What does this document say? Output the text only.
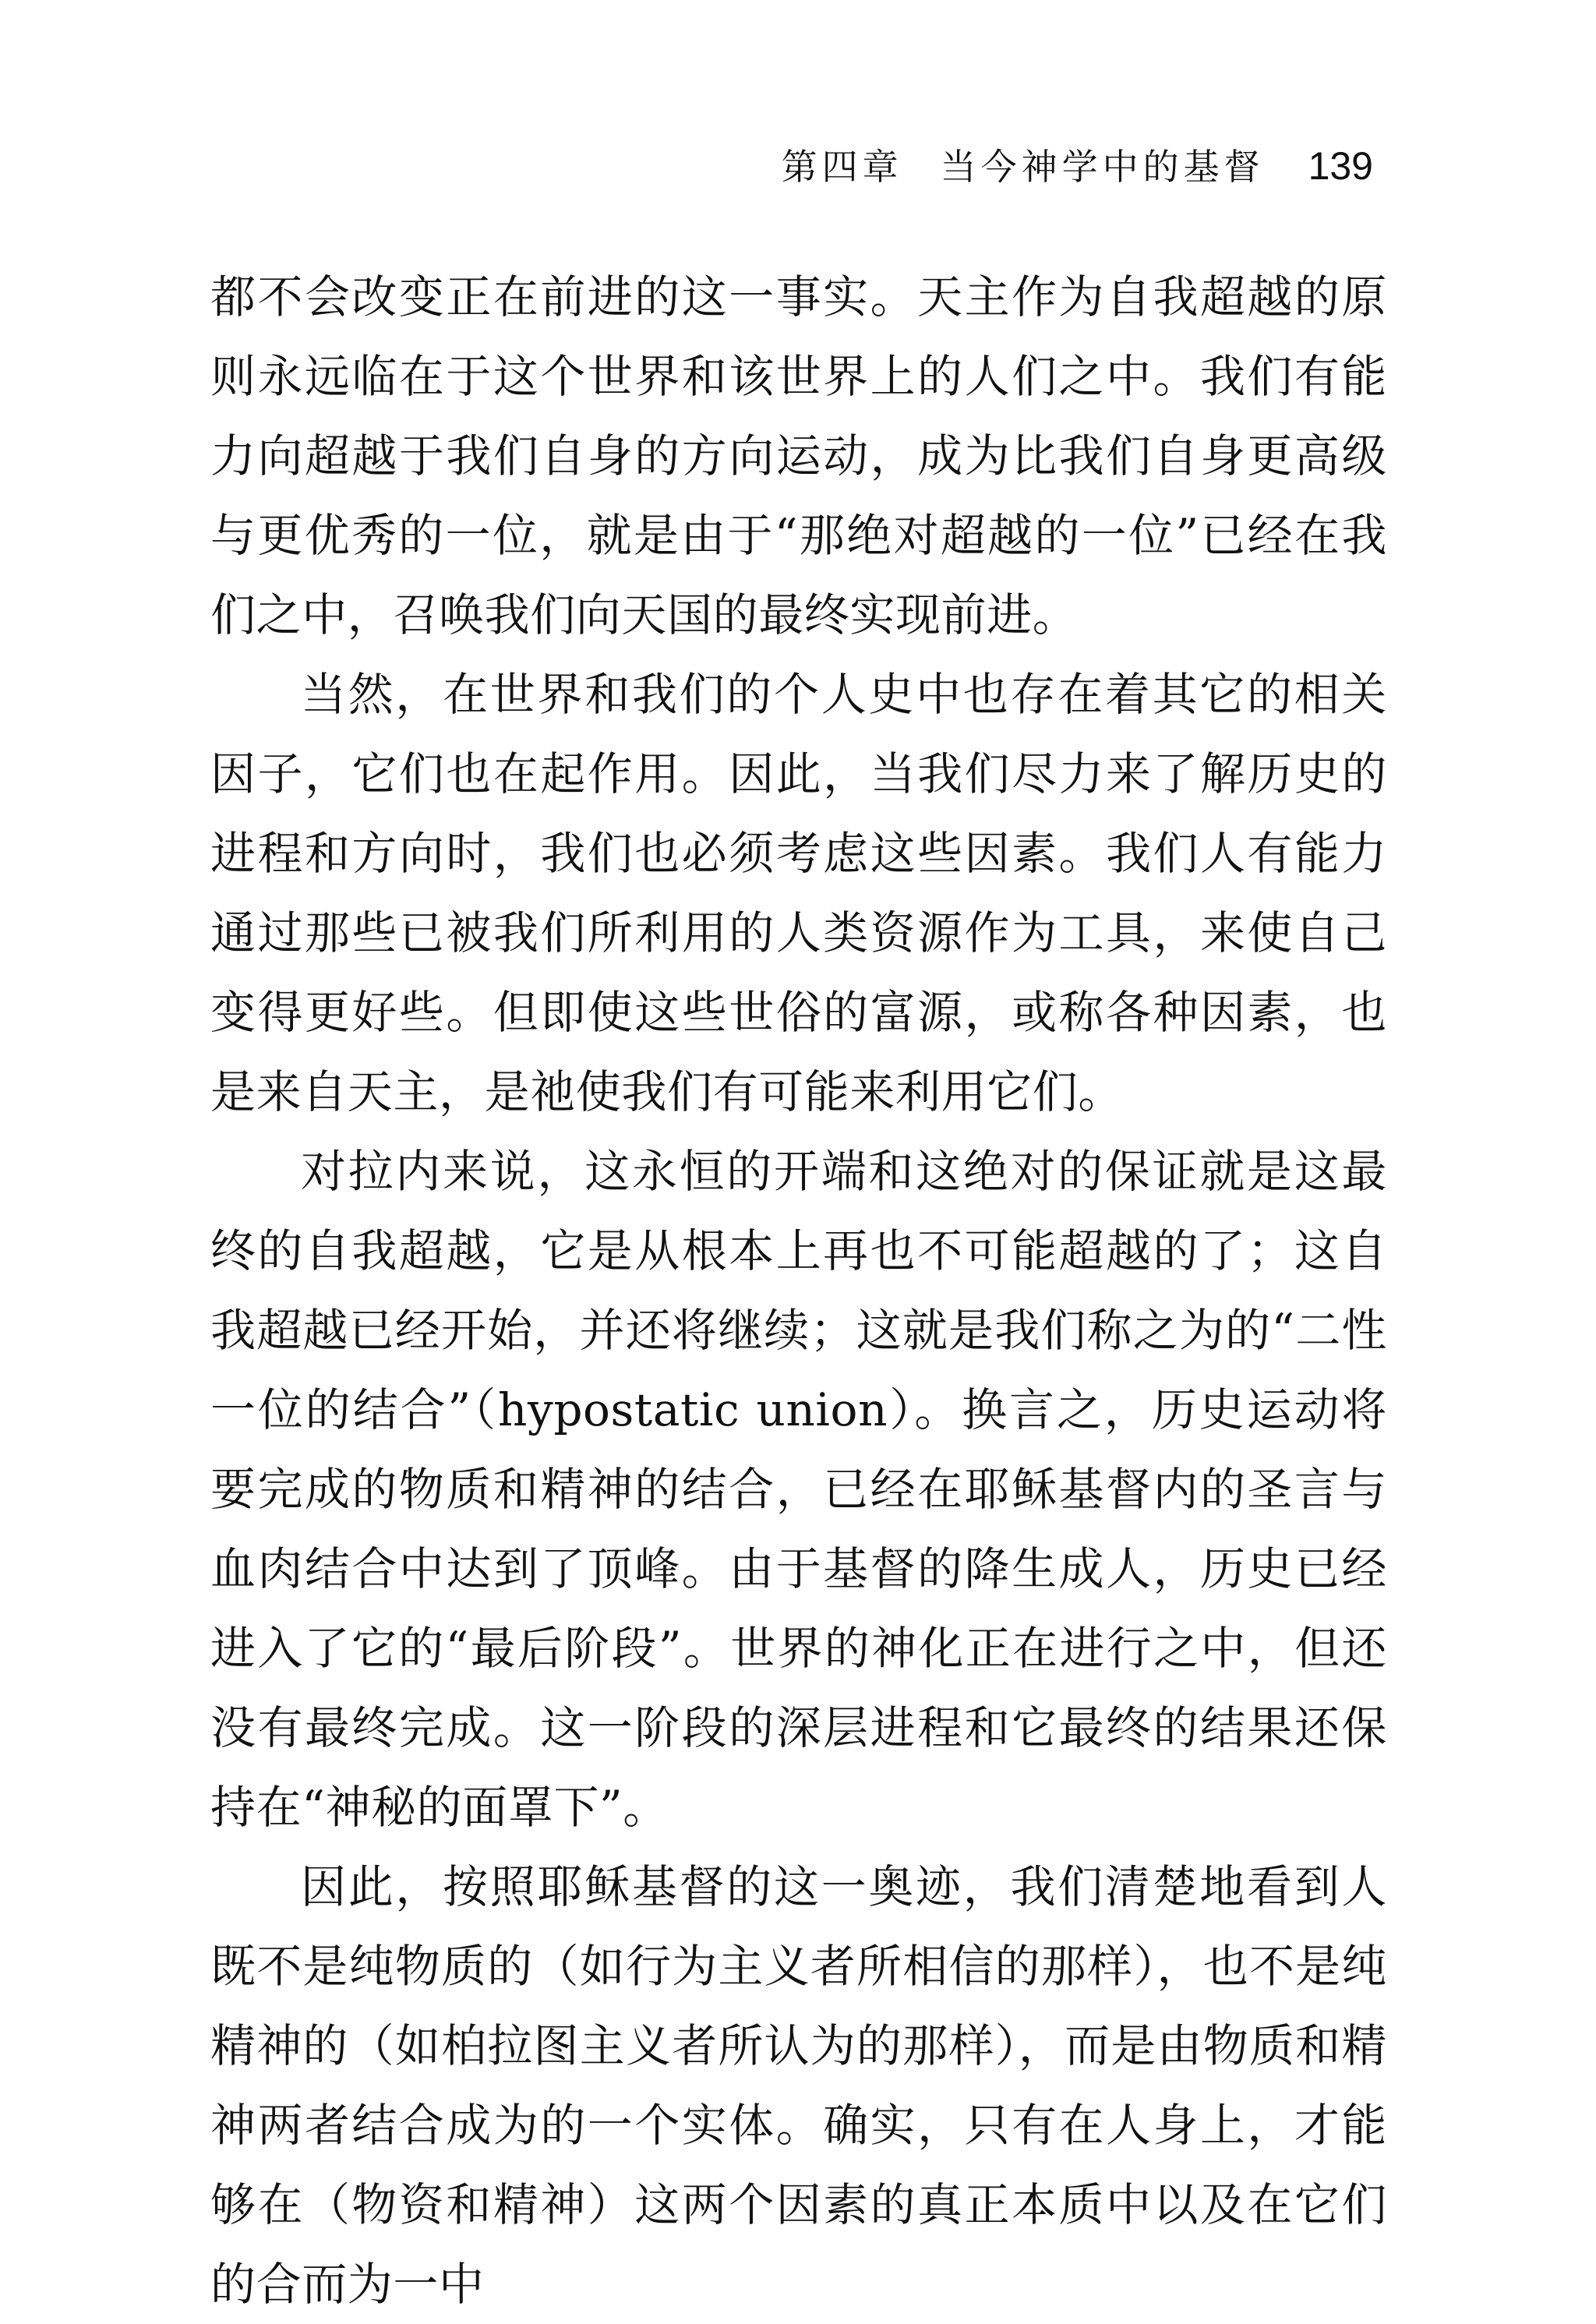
第四章 当今神学中的基督 139

都不会改变正在前进的这一事实。天主作为自我超越的原则永远临在于这个世界和该世界上的人们之中。我们有能力向超越于我们自身的方向运动，成为比我们自身更高级与更优秀的一位，就是由于“那绝对超越的一位”已经在我们之中，召唤我们向天国的最终实现前进。

当然，在世界和我们的个人史中也存在着其它的相关因子，它们也在起作用。因此，当我们尽力来了解历史的进程和方向时，我们也必须考虑这些因素。我们人有能力通过那些已被我们所利用的人类资源作为工具，来使自己变得更好些。但即使这些世俗的富源，或称各种因素，也是来自天主，是祂使我们有可能来利用它们。

对拉内来说，这永恒的开端和这绝对的保证就是这最终的自我超越，它是从根本上再也不可能超越的了；这自我超越已经开始，并还将继续；这就是我们称之为的“二性一位的结合”（hypostatic union）。换言之，历史运动将要完成的物质和精神的结合，已经在耶稣基督内的圣言与血肉结合中达到了顶峰。由于基督的降生成人，历史已经进入了它的“最后阶段”。世界的神化正在进行之中，但还没有最终完成。这一阶段的深层进程和它最终的结果还保持在“神秘的面罩下”。

因此，按照耶稣基督的这一奥迹，我们清楚地看到人既不是纯物质的（如行为主义者所相信的那样），也不是纯精神的（如柏拉图主义者所认为的那样），而是由物质和精神两者结合成为的一个实体。确实，只有在人身上，才能够在（物资和精神）这两个因素的真正本质中以及在它们的合而为一中
